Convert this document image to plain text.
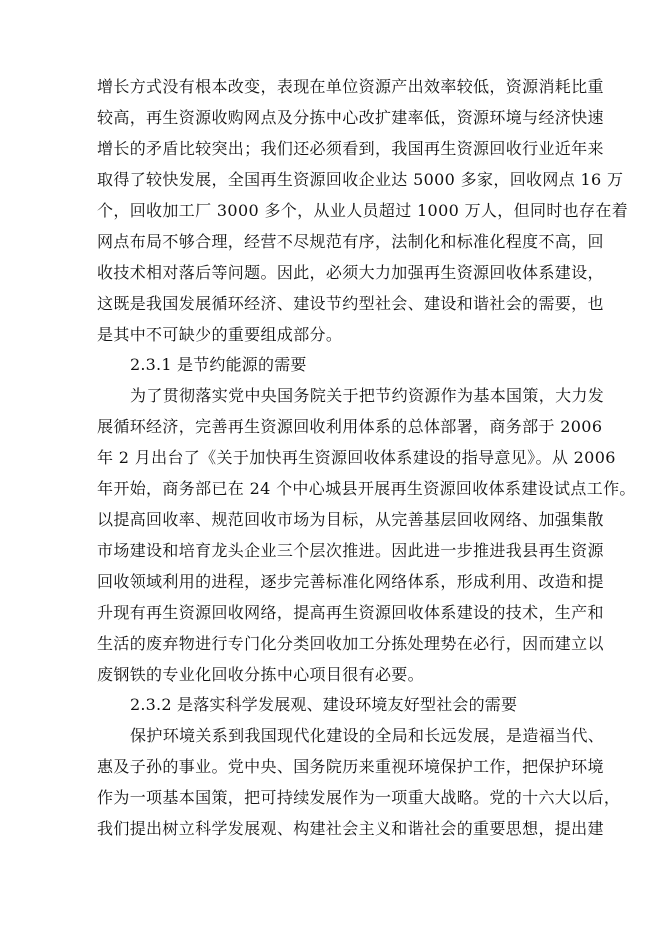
增长方式没有根本改变，表现在单位资源产出效率较低，资源消耗比重
较高，再生资源收购网点及分拣中心改扩建率低，资源环境与经济快速
增长的矛盾比较突出；我们还必须看到，我国再生资源回收行业近年来
取得了较快发展，全国再生资源回收企业达 5000 多家，回收网点 16 万
个，回收加工厂 3000 多个，从业人员超过 1000 万人，但同时也存在着
网点布局不够合理，经营不尽规范有序，法制化和标准化程度不高，回
收技术相对落后等问题。因此，必须大力加强再生资源回收体系建设，
这既是我国发展循环经济、建设节约型社会、建设和谐社会的需要，也
是其中不可缺少的重要组成部分。
2.3.1 是节约能源的需要
为了贯彻落实党中央国务院关于把节约资源作为基本国策，大力发
展循环经济，完善再生资源回收利用体系的总体部署，商务部于 2006
年 2 月出台了《关于加快再生资源回收体系建设的指导意见》。从 2006
年开始，商务部已在 24 个中心城县开展再生资源回收体系建设试点工作。
以提高回收率、规范回收市场为目标，从完善基层回收网络、加强集散
市场建设和培育龙头企业三个层次推进。因此进一步推进我县再生资源
回收领域利用的进程，逐步完善标准化网络体系，形成利用、改造和提
升现有再生资源回收网络，提高再生资源回收体系建设的技术，生产和
生活的废弃物进行专门化分类回收加工分拣处理势在必行，因而建立以
废钢铁的专业化回收分拣中心项目很有必要。
2.3.2 是落实科学发展观、建设环境友好型社会的需要
保护环境关系到我国现代化建设的全局和长远发展，是造福当代、
惠及子孙的事业。党中央、国务院历来重视环境保护工作，把保护环境
作为一项基本国策，把可持续发展作为一项重大战略。党的十六大以后，
我们提出树立科学发展观、构建社会主义和谐社会的重要思想，提出建
